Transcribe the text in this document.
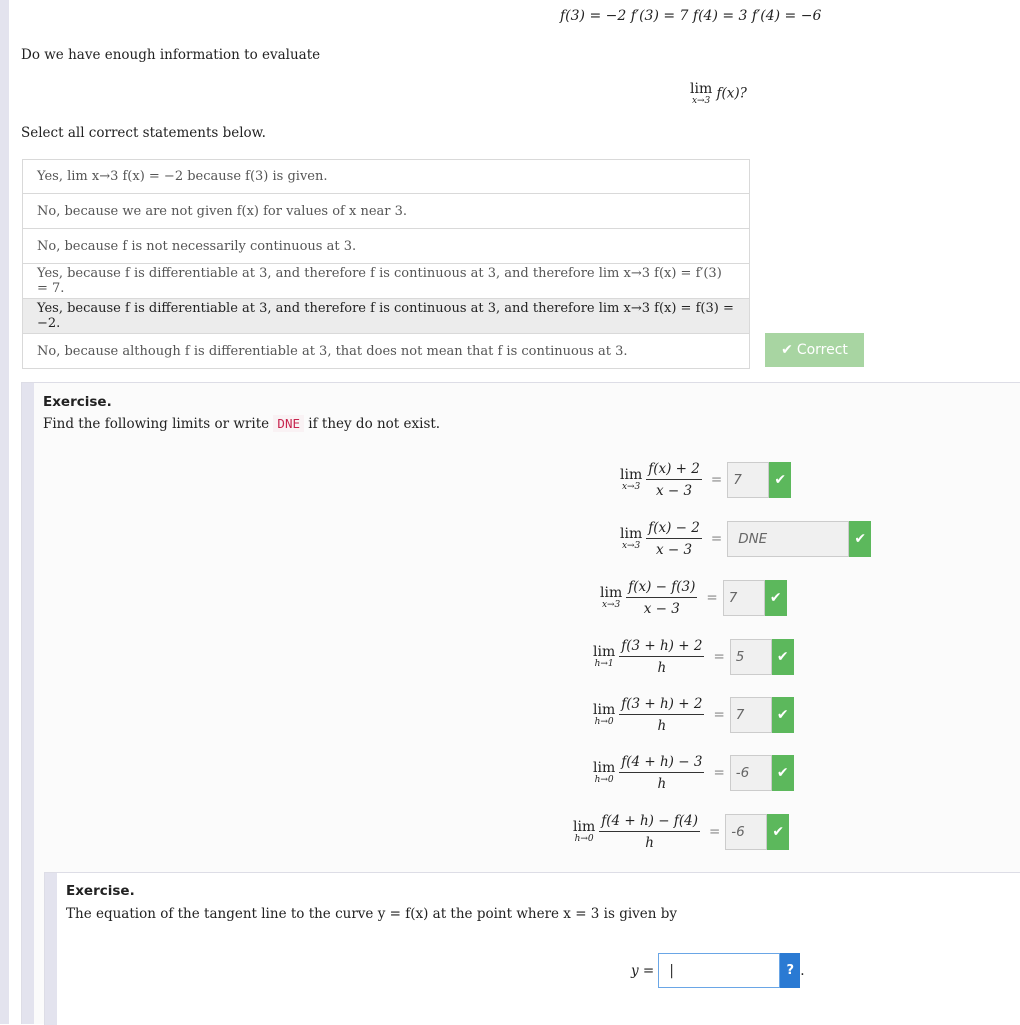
f(3) = −2 f′(3) = 7 f(4) = 3 f′(4) = −6
Do we have enough information to evaluate
lim
x→3 f(x)?
Select all correct statements below.
Yes, lim x→3 f(x) = −2 because f(3) is given.
No, because we are not given f(x) for values of x near 3.
No, because f is not necessarily continuous at 3.
Yes, because f is differentiable at 3, and therefore f is continuous at 3, and therefore lim x→3 f(x) = f′(3) = 7.
Yes, because f is differentiable at 3, and therefore f is continuous at 3, and therefore lim x→3 f(x) = f(3) = −2.
No, because although f is differentiable at 3, that does not mean that f is continuous at 3.	✔ Correct
Exercise.
Find the following limits or write DNE if they do not exist.
lim
$x\to 3 \frac{f(x) + 2}{x - 3} = 7$	✔
lim
$x\to 3 \frac{f(x) - 2}{x - 3}$ =	DNE	✔
lim
$x\to 3 \frac{f(x) - f(3)}{x - 3} = 7$	✔
lim
$h\to 1 \frac{f(3 + h) + 2}{h} = 5$	✔
lim
$h\to 0 \frac{f(3 + h) + 2}{h} = 7$	✔
lim
$h\to 0 \frac{f(4 + h) - 3}{h} = -6$	✔
lim
$h\to 0 \frac{f(4 + h) - f(4)}{h} = -6$	✔
Exercise.
The equation of the tangent line to the curve y = f(x) at the point where x = 3 is given by
y =	|	? .
